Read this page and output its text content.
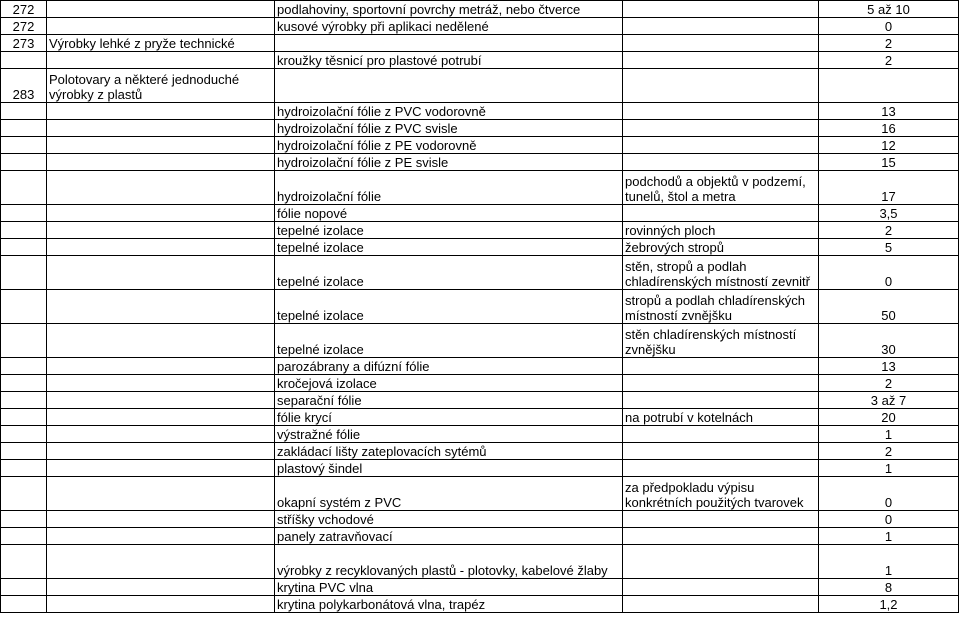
272		podlahoviny, sportovní povrchy metráž, nebo čtverce		5 až 10
272		kusové výrobky při aplikaci nedělené		0
273	Výrobky lehké z pryže technické			2
		kroužky těsnicí pro plastové potrubí		2
283	Polotovary a některé jednoduché výrobky z plastů			
		hydroizolační fólie z PVC vodorovně		13
		hydroizolační fólie z PVC svisle		16
		hydroizolační fólie z PE vodorovně		12
		hydroizolační fólie z PE svisle		15
		hydroizolační fólie	podchodů a objektů v podzemí, tunelů, štol a metra	17
		fólie nopové		3,5
		tepelné izolace	rovinných ploch	2
		tepelné izolace	žebrových stropů	5
		tepelné izolace	stěn, stropů a podlah chladírenských místností zevnitř	0
		tepelné izolace	stropů a podlah chladírenských místností zvnějšku	50
		tepelné izolace	stěn chladírenských místností zvnějšku	30
		parozábrany a difúzní fólie		13
		kročejová izolace		2
		separační fólie		3 až 7
		fólie krycí	na potrubí v kotelnách	20
		výstražné fólie		1
		zakládací lišty zateplovacích sytémů		2
		plastový šindel		1
		okapní systém z PVC	za předpokladu výpisu konkrétních použitých tvarovek	0
		stříšky vchodové		0
		panely zatravňovací		1
		výrobky z recyklovaných plastů - plotovky, kabelové žlaby		1
		krytina PVC vlna		8
		krytina polykarbonátová vlna, trapéz		1,2
